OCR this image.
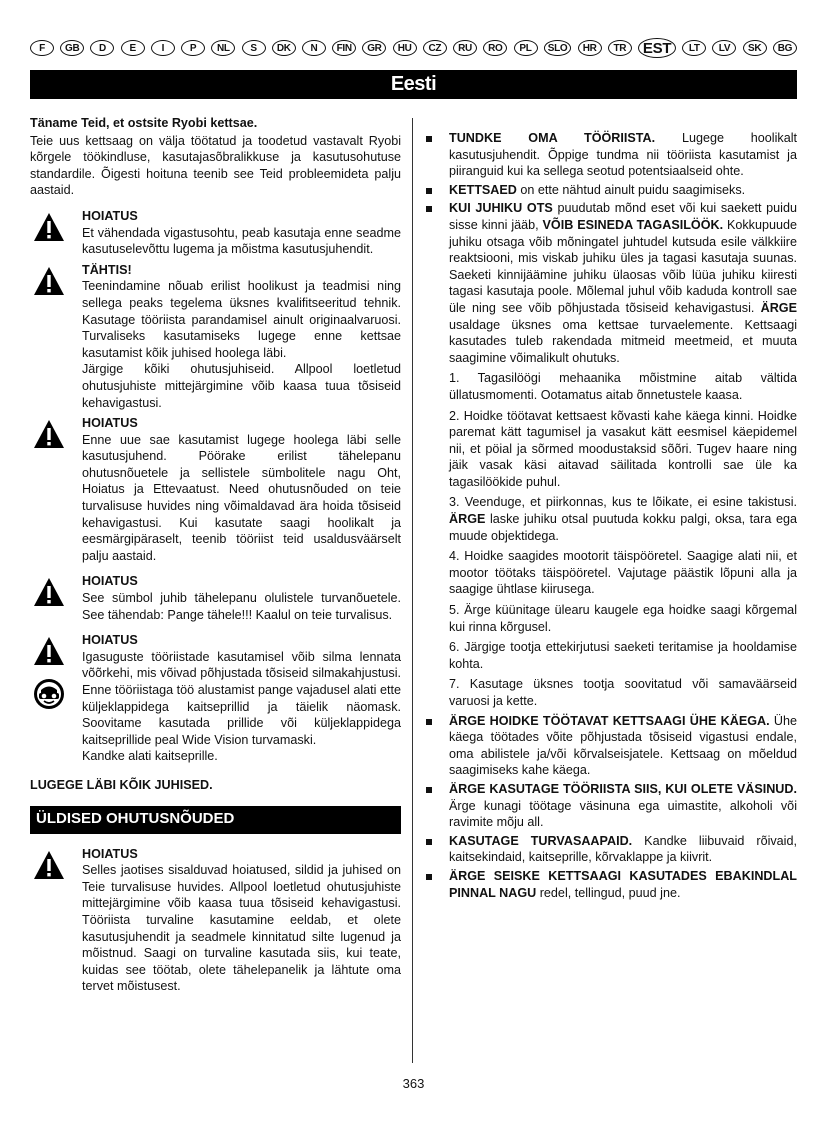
F	GB	D	E	I	P	NL	S	DK	N	FIN	GR	HU	CZ	RU	RO	PL	SLO	HR	TR	EST	LT	LV	SK	BG
Eesti
Täname Teid, et ostsite Ryobi kettsae.

Teie uus kettsaag on välja töötatud ja toodetud vastavalt Ryobi kõrgele töökindluse, kasutajasõbralikkuse ja kasutusohutuse standardile. Õigesti hoituna teenib see Teid probleemideta palju aastaid.

HOIATUS

Et vähendada vigastusohtu, peab kasutaja enne seadme kasutuselevõttu lugema ja mõistma kasutusjuhendit.

TÄHTIS!

Teenindamine nõuab erilist hoolikust ja teadmisi ning sellega peaks tegelema üksnes kvalifitseeritud tehnik. Kasutage tööriista parandamisel ainult originaalvaruosi. Turvaliseks kasutamiseks lugege enne kettsae kasutamist kõik juhised hoolega läbi.

Järgige kõiki ohutusjuhiseid. Allpool loetletud ohutusjuhiste mittejärgimine võib kaasa tuua tõsiseid kehavigastusi.

HOIATUS

Enne uue sae kasutamist lugege hoolega läbi selle kasutusjuhend. Pöörake erilist tähelepanu ohutusnõuetele ja sellistele sümbolitele nagu Oht, Hoiatus ja Ettevaatust. Need ohutusnõuded on teie turvalisuse huvides ning võimaldavad ära hoida tõsiseid kehavigastusi. Kui kasutate saagi hoolikalt ja eesmärgipäraselt, teenib tööriist teid usaldusväärselt palju aastaid.

HOIATUS

See sümbol juhib tähelepanu olulistele turvanõuetele. See tähendab: Pange tähele!!! Kaalul on teie turvalisus.

HOIATUS

Igasuguste tööriistade kasutamisel võib silma lennata võõrkehi, mis võivad põhjustada tõsiseid silmakahjustusi. Enne tööriistaga töö alustamist pange vajadusel alati ette küljeklappidega kaitseprillid ja täielik näomask. Soovitame kasutada prillide või küljeklappidega kaitseprillide peal Wide Vision turvamaski.

Kandke alati kaitseprille.

LUGEGE LÄBI KÕIK JUHISED.
ÜLDISED OHUTUSNÕUDED
HOIATUS

Selles jaotises sisalduvad hoiatused, sildid ja juhised on Teie turvalisuse huvides. Allpool loetletud ohutusjuhiste mittejärgimine võib kaasa tuua tõsiseid kehavigastusi. Tööriista turvaline kasutamine eeldab, et olete kasutusjuhendit ja seadmele kinnitatud silte lugenud ja mõistnud. Saagi on turvaline kasutada siis, kui teate, kuidas see töötab, olete tähelepanelik ja lähtute oma tervet mõistusest.

TUNDKE OMA TÖÖRIISTA. Lugege hoolikalt kasutusjuhendit. Õppige tundma nii tööriista kasutamist ja piiranguid kui ka sellega seotud potentsiaalseid ohte.
KETTSAED on ette nähtud ainult puidu saagimiseks.
KUI JUHIKU OTS puudutab mõnd eset või kui saekett puidu sisse kinni jääb, VÕIB ESINEDA TAGASILÖÖK. Kokkupuude juhiku otsaga võib mõningatel juhtudel kutsuda esile välkkiire reaktsiooni, mis viskab juhiku üles ja tagasi kasutaja suunas. Saeketi kinnijäämine juhiku ülaosas võib lüüa juhiku kiiresti tagasi kasutaja poole. Mõlemal juhul võib kaduda kontroll sae üle ning see võib põhjustada tõsiseid kehavigastusi. ÄRGE usaldage üksnes oma kettsae turvaelemente. Kettsaagi kasutades tuleb rakendada mitmeid meetmeid, et muuta saagimine võimalikult ohutuks.

1. Tagasilöögi mehaanika mõistmine aitab vältida üllatusmomenti. Ootamatus aitab õnnetustele kaasa.

2. Hoidke töötavat kettsaest kõvasti kahe käega kinni. Hoidke paremat kätt tagumisel ja vasakut kätt eesmisel käepidemel nii, et pöial ja sõrmed moodustaksid sõõri. Tugev haare ning jäik vasak käsi aitavad säilitada kontrolli sae üle ka tagasilöökide puhul.

3. Veenduge, et piirkonnas, kus te lõikate, ei esine takistusi. ÄRGE laske juhiku otsal puutuda kokku palgi, oksa, tara ega muude objektidega.

4. Hoidke saagides mootorit täispööretel. Saagige alati nii, et mootor töötaks täispööretel. Vajutage päästik lõpuni alla ja saagige ühtlase kiirusega.

5. Ärge küünitage ülearu kaugele ega hoidke saagi kõrgemal kui rinna kõrgusel.

6. Järgige tootja ettekirjutusi saeketi teritamise ja hooldamise kohta.

7. Kasutage üksnes tootja soovitatud või samaväärseid varuosi ja kette.

ÄRGE HOIDKE TÖÖTAVAT KETTSAAGI ÜHE KÄEGA. Ühe käega töötades võite põhjustada tõsiseid vigastusi endale, oma abilistele ja/või kõrvalseisjatele. Kettsaag on mõeldud saagimiseks kahe käega.
ÄRGE KASUTAGE TÖÖRIISTA SIIS, KUI OLETE VÄSINUD. Ärge kunagi töötage väsinuna ega uimastite, alkoholi või ravimite mõju all.
KASUTAGE TURVASAAPAID. Kandke liibuvaid rõivaid, kaitsekindaid, kaitseprille, kõrvaklappe ja kiivrit.
ÄRGE SEISKE KETTSAAGI KASUTADES EBAKINDLAL PINNAL NAGU redel, tellingud, puud jne.
363
